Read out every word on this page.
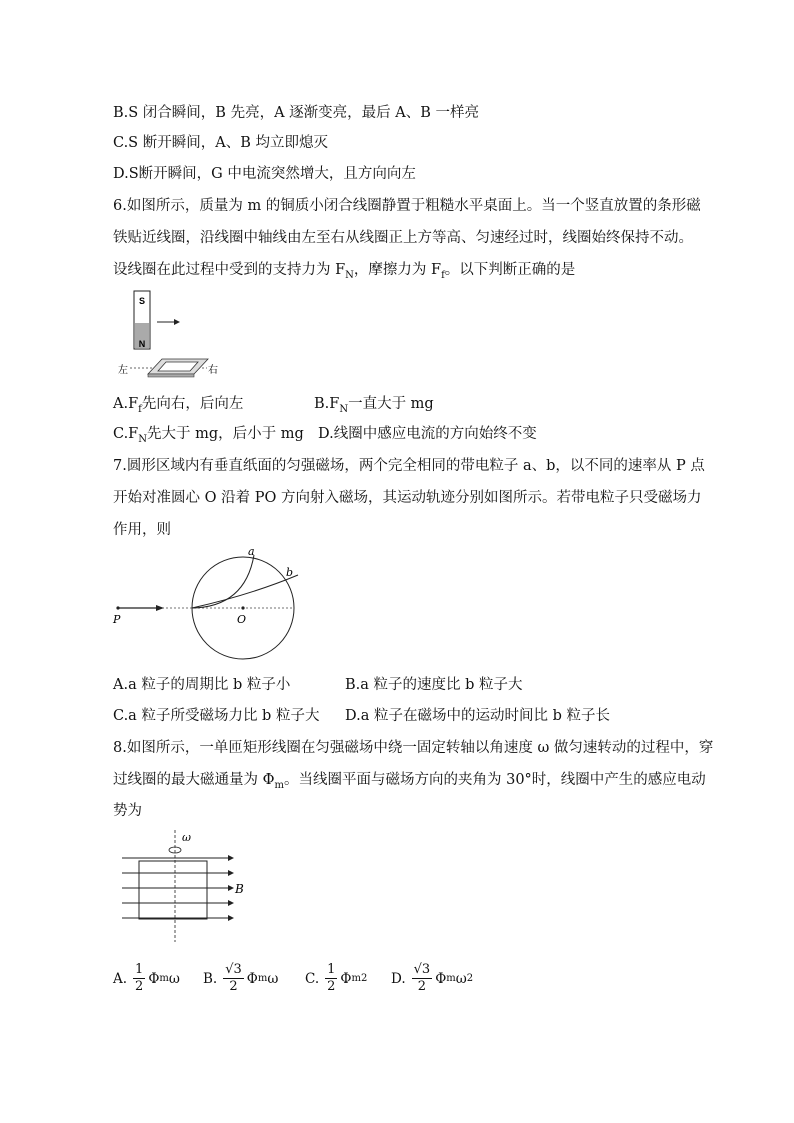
B.S 闭合瞬间，B 先亮，A 逐渐变亮，最后 A、B 一样亮
C.S 断开瞬间，A、B 均立即熄灭
D.S断开瞬间，G 中电流突然增大，且方向向左
6.如图所示，质量为 m 的铜质小闭合线圈静置于粗糙水平桌面上。当一个竖直放置的条形磁
铁贴近线圈，沿线圈中轴线由左至右从线圈正上方等高、匀速经过时，线圈始终保持不动。
设线圈在此过程中受到的支持力为 $F_N$，摩擦力为 $F_f$。以下判断正确的是
S
N
左	右
$A.F_f$先向右，后向左	$B.F_N$一直大于 mg
$C.F_N$先大于 mg，后小于 mg D.线圈中感应电流的方向始终不变
7.圆形区域内有垂直纸面的匀强磁场，两个完全相同的带电粒子 a、b，以不同的速率从 P 点
开始对准圆心 O 沿着 PO 方向射入磁场，其运动轨迹分别如图所示。若带电粒子只受磁场力
作用，则
a
b
P	O
A.a 粒子的周期比 b 粒子小	B.a 粒子的速度比 b 粒子大
C.a 粒子所受磁场力比 b 粒子大 D.a 粒子在磁场中的运动时间比 b 粒子长
8.如图所示，一单匝矩形线圈在匀强磁场中绕一固定转轴以角速度 ω 做匀速转动的过程中，穿
过线圈的最大磁通量为 $\Phi_m$。当线圈平面与磁场方向的夹角为 30°时，线圈中产生的感应电动
势为
ω
B
A. $\frac{1}{2}$ Φ m ω B. $\frac{√3}{2}$ Φ m ω C. $\frac{1}{2}$ Φ m 2 D. $\frac{√3}{2}$ Φ m ω 2
